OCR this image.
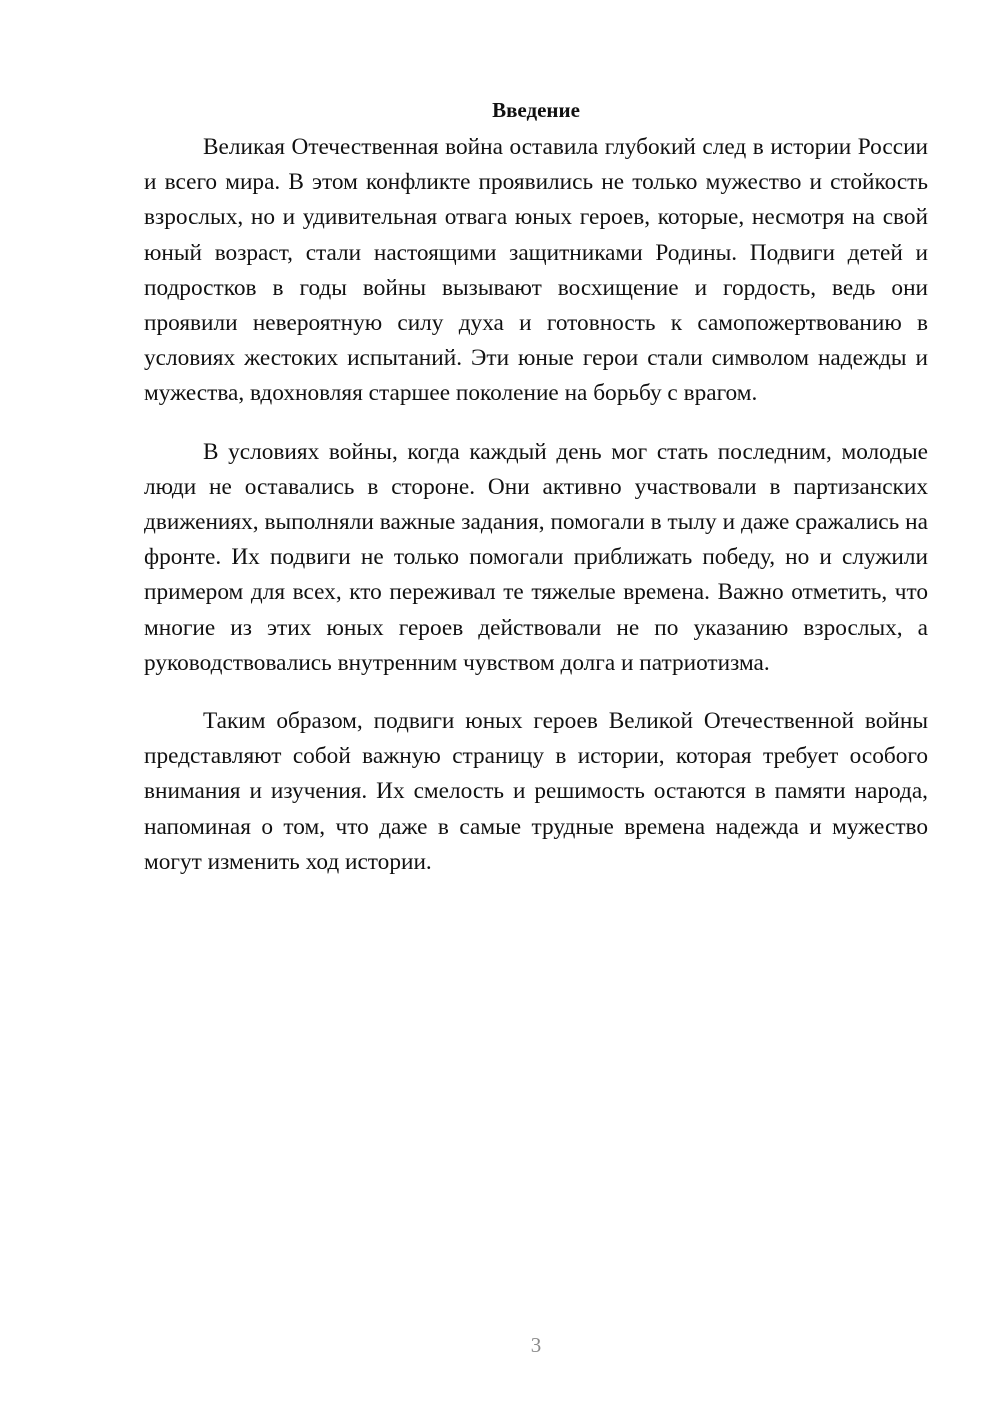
Введение

Великая Отечественная война оставила глубокий след в истории России и всего мира. В этом конфликте проявились не только мужество и стойкость взрослых, но и удивительная отвага юных героев, которые, несмотря на свой юный возраст, стали настоящими защитниками Родины. Подвиги детей и подростков в годы войны вызывают восхищение и гордость, ведь они проявили невероятную силу духа и готовность к самопожертвованию в условиях жестоких испытаний. Эти юные герои стали символом надежды и мужества, вдохновляя старшее поколение на борьбу с врагом.

В условиях войны, когда каждый день мог стать последним, молодые люди не оставались в стороне. Они активно участвовали в партизанских движениях, выполняли важные задания, помогали в тылу и даже сражались на фронте. Их подвиги не только помогали приближать победу, но и служили примером для всех, кто переживал те тяжелые времена. Важно отметить, что многие из этих юных героев действовали не по указанию взрослых, а руководствовались внутренним чувством долга и патриотизма.

Таким образом, подвиги юных героев Великой Отечественной войны представляют собой важную страницу в истории, которая требует особого внимания и изучения. Их смелость и решимость остаются в памяти народа, напоминая о том, что даже в самые трудные времена надежда и мужество могут изменить ход истории.

3
